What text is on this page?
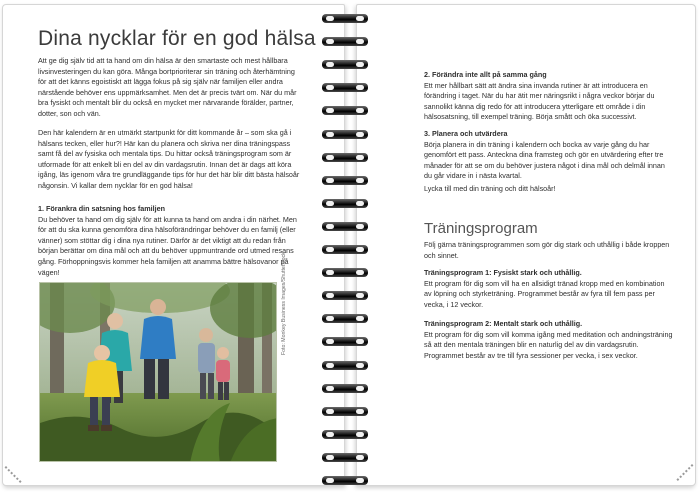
Dina nycklar för en god hälsa
Att ge dig själv tid att ta hand om din hälsa är den smartaste och mest hållbara livsinvesteringen du kan göra. Många bortprioriterar sin träning och återhämtning för att det känns egoistiskt att lägga fokus på sig själv när familjen eller andra närstående behöver ens uppmärksamhet. Men det är precis tvärt om. När du mår bra fysiskt och mentalt blir du också en mycket mer närvarande förälder, partner, dotter, son och vän.
Den här kalendern är en utmärkt startpunkt för ditt kommande år – som ska gå i hälsans tecken, eller hur?! Här kan du planera och skriva ner dina träningspass samt få del av fysiska och mentala tips. Du hittar också träningsprogram som är utformade för att enkelt bli en del av din vardagsrutin. Innan det är dags att köra igång, läs igenom våra tre grundläggande tips för hur det här blir ditt bästa hälsoår någonsin. Vi kallar dem nycklar för en god hälsa!
1. Förankra din satsning hos familjen
Du behöver ta hand om dig själv för att kunna ta hand om andra i din närhet. Men för att du ska kunna genomföra dina hälsoförändringar behöver du en familj (eller vänner) som stöttar dig i dina nya rutiner. Därför är det viktigt att du redan från början berättar om dina mål och att du behöver uppmuntrande ord utmed resans gång. Förhoppningsvis kommer hela familjen att anamma bättre hälsovanor på vägen!	Foto: Monkey Business Images/Shutterstock
2. Förändra inte allt på samma gång
Ett mer hållbart sätt att ändra sina invanda rutiner är att introducera en förändring i taget. När du har ätit mer näringsrikt i några veckor börjar du sannolikt känna dig redo för att introducera ytterligare ett område i din hälsosatsning, till exempel träning. Börja smått och öka successivt.
3. Planera och utvärdera
Börja planera in din träning i kalendern och bocka av varje gång du har genomfört ett pass. Anteckna dina framsteg och gör en utvärdering efter tre månader för att se om du behöver justera något i dina mål och delmål innan du går vidare in i nästa kvartal.
Lycka till med din träning och ditt hälsoår!
Träningsprogram
Följ gärna träningsprogrammen som gör dig stark och uthållig i både kroppen och sinnet.
Träningsprogram 1: Fysiskt stark och uthållig.
Ett program för dig som vill ha en allsidigt tränad kropp med en kombination av löpning och styrketräning. Programmet består av fyra till fem pass per vecka, i 12 veckor.
Träningsprogram 2: Mentalt stark och uthållig.
Ett program för dig som vill komma igång med meditation och andningsträning så att den mentala träningen blir en naturlig del av din vardagsrutin. Programmet består av tre till fyra sessioner per vecka, i sex veckor.
